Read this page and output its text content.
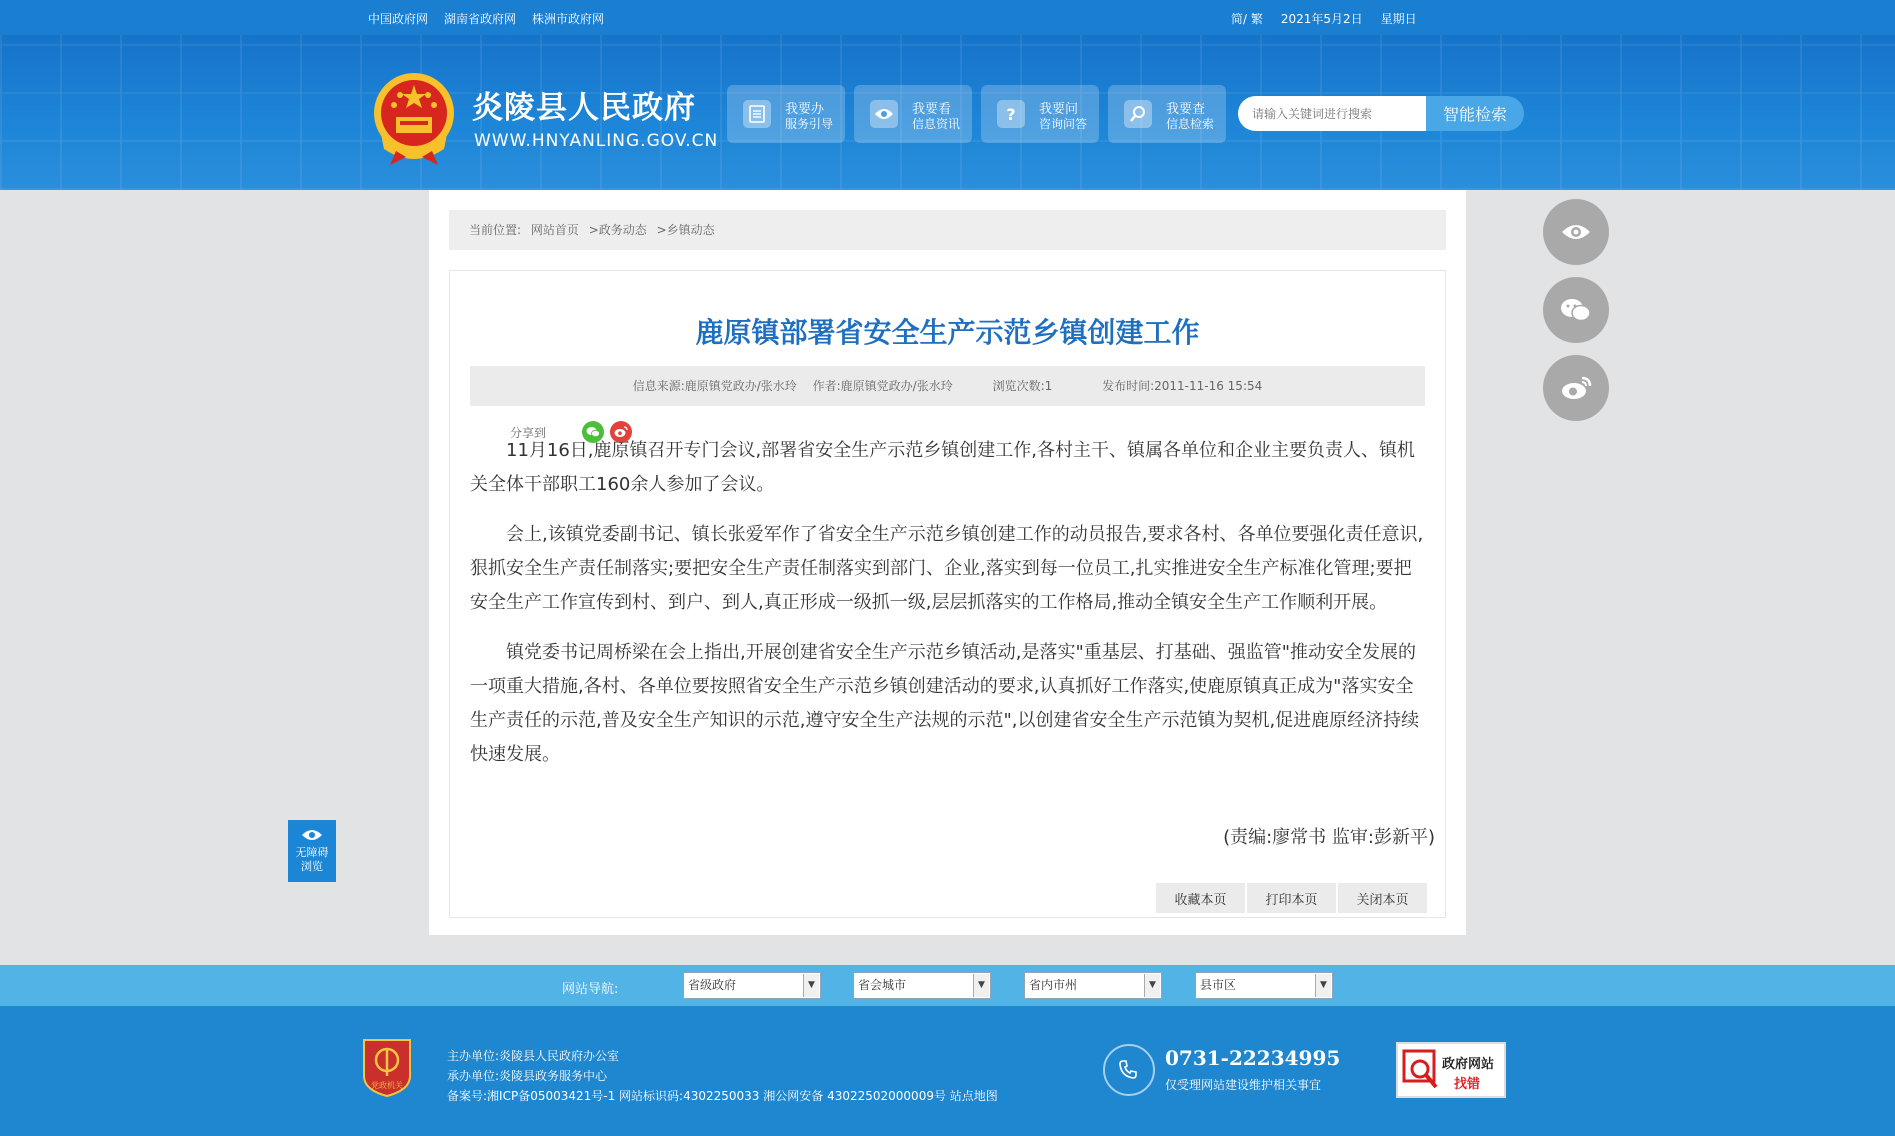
中国政府网 湖南省政府网 株洲市政府网	简/ 繁 2021年5月2日 星期日
炎陵县人民政府
WWW.HNYANLING.GOV.CN
我要办
服务引导
我要看
信息资讯
?	我要问
咨询问答
我要查
信息检索
请输入关键词进行搜索	智能检索
当前位置: 网站首页 >政务动态 >乡镇动态
鹿原镇部署省安全生产示范乡镇创建工作
信息来源:鹿原镇党政办/张水玲 作者:鹿原镇党政办/张水玲	浏览次数:1	发布时间:2011-11-16 15:54
分享到

11月16日,鹿原镇召开专门会议,部署省安全生产示范乡镇创建工作,各村主干、镇属各单位和企业主要负责人、镇机关全体干部职工160余人参加了会议。

会上,该镇党委副书记、镇长张爱军作了省安全生产示范乡镇创建工作的动员报告,要求各村、各单位要强化责任意识,狠抓安全生产责任制落实;要把安全生产责任制落实到部门、企业,落实到每一位员工,扎实推进安全生产标准化管理;要把安全生产工作宣传到村、到户、到人,真正形成一级抓一级,层层抓落实的工作格局,推动全镇安全生产工作顺利开展。

镇党委书记周桥梁在会上指出,开展创建省安全生产示范乡镇活动,是落实"重基层、打基础、强监管"推动安全发展的一项重大措施,各村、各单位要按照省安全生产示范乡镇创建活动的要求,认真抓好工作落实,使鹿原镇真正成为"落实安全生产责任的示范,普及安全生产知识的示范,遵守安全生产法规的示范",以创建省安全生产示范镇为契机,促进鹿原经济持续快速发展。

(责编:廖常书 监审:彭新平)
收藏本页	打印本页	关闭本页
无障碍
浏览
网站导航:	省级政府	▼	省会城市	▼	省内市州	▼	县市区	▼
党政机关
主办单位:炎陵县人民政府办公室
承办单位:炎陵县政务服务中心
备案号:湘ICP备05003421号-1 网站标识码:4302250033 湘公网安备 43022502000009号 站点地图
0731-22234995
仅受理网站建设维护相关事宜
政府网站
找错
